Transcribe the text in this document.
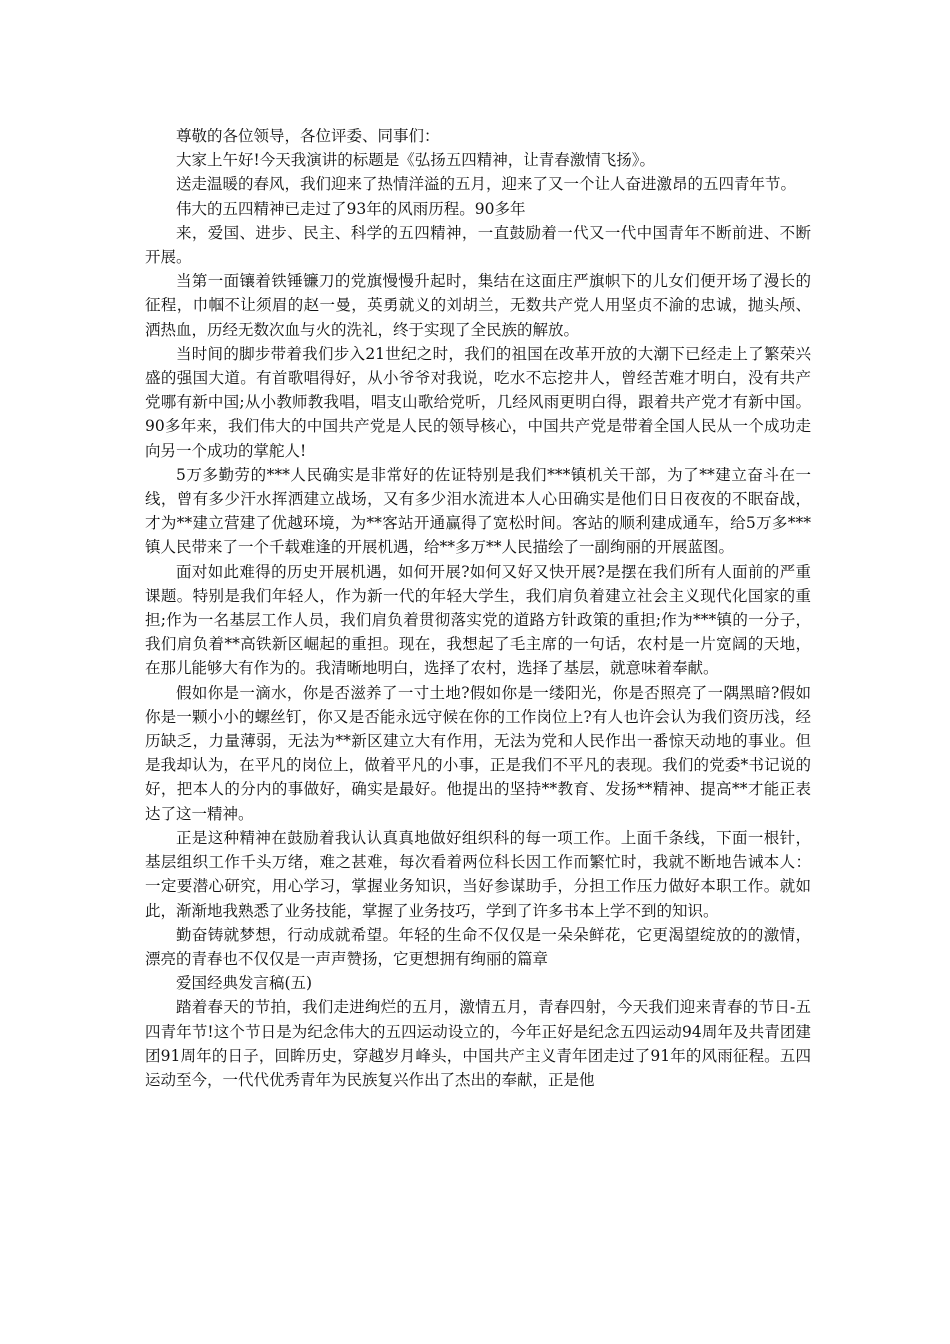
尊敬的各位领导，各位评委、同事们：

大家上午好!今天我演讲的标题是《弘扬五四精神，让青春激情飞扬》。

送走温暖的春风，我们迎来了热情洋溢的五月，迎来了又一个让人奋进激昂的五四青年节。

伟大的五四精神已走过了93年的风雨历程。90多年

来，爱国、进步、民主、科学的五四精神，一直鼓励着一代又一代中国青年不断前进、不断开展。

当第一面镶着铁锤镰刀的党旗慢慢升起时，集结在这面庄严旗帜下的儿女们便开场了漫长的征程，巾帼不让须眉的赵一曼，英勇就义的刘胡兰，无数共产党人用坚贞不渝的忠诚，抛头颅、洒热血，历经无数次血与火的洗礼，终于实现了全民族的解放。

当时间的脚步带着我们步入21世纪之时，我们的祖国在改革开放的大潮下已经走上了繁荣兴盛的强国大道。有首歌唱得好，从小爷爷对我说，吃水不忘挖井人，曾经苦难才明白，没有共产党哪有新中国;从小教师教我唱，唱支山歌给党听，几经风雨更明白得，跟着共产党才有新中国。90多年来，我们伟大的中国共产党是人民的领导核心，中国共产党是带着全国人民从一个成功走向另一个成功的掌舵人!

5万多勤劳的***人民确实是非常好的佐证特别是我们***镇机关干部，为了**建立奋斗在一线，曾有多少汗水挥洒建立战场，又有多少泪水流进本人心田确实是他们日日夜夜的不眠奋战，才为**建立营建了优越环境，为**客站开通赢得了宽松时间。客站的顺利建成通车，给5万多***镇人民带来了一个千载难逢的开展机遇，给**多万**人民描绘了一副绚丽的开展蓝图。

面对如此难得的历史开展机遇，如何开展?如何又好又快开展?是摆在我们所有人面前的严重课题。特别是我们年轻人，作为新一代的年轻大学生，我们肩负着建立社会主义现代化国家的重担;作为一名基层工作人员，我们肩负着贯彻落实党的道路方针政策的重担;作为***镇的一分子，我们肩负着**高铁新区崛起的重担。现在，我想起了毛主席的一句话，农村是一片宽阔的天地，在那儿能够大有作为的。我清晰地明白，选择了农村，选择了基层，就意味着奉献。

假如你是一滴水，你是否滋养了一寸土地?假如你是一缕阳光，你是否照亮了一隅黑暗?假如你是一颗小小的螺丝钉，你又是否能永远守候在你的工作岗位上?有人也许会认为我们资历浅，经历缺乏，力量薄弱，无法为**新区建立大有作用，无法为党和人民作出一番惊天动地的事业。但是我却认为，在平凡的岗位上，做着平凡的小事，正是我们不平凡的表现。我们的党委*书记说的好，把本人的分内的事做好，确实是最好。他提出的坚持**教育、发扬**精神、提高**才能正表达了这一精神。

正是这种精神在鼓励着我认认真真地做好组织科的每一项工作。上面千条线，下面一根针，基层组织工作千头万绪，难之甚难，每次看着两位科长因工作而繁忙时，我就不断地告诫本人：一定要潜心研究，用心学习，掌握业务知识，当好参谋助手，分担工作压力做好本职工作。就如此，渐渐地我熟悉了业务技能，掌握了业务技巧，学到了许多书本上学不到的知识。

勤奋铸就梦想，行动成就希望。年轻的生命不仅仅是一朵朵鲜花，它更渴望绽放的的激情，漂亮的青春也不仅仅是一声声赞扬，它更想拥有绚丽的篇章

爱国经典发言稿(五)

踏着春天的节拍，我们走进绚烂的五月，激情五月，青春四射，今天我们迎来青春的节日-五四青年节!这个节日是为纪念伟大的五四运动设立的，今年正好是纪念五四运动94周年及共青团建团91周年的日子，回眸历史，穿越岁月峰头，中国共产主义青年团走过了91年的风雨征程。五四运动至今，一代代优秀青年为民族复兴作出了杰出的奉献，正是他
